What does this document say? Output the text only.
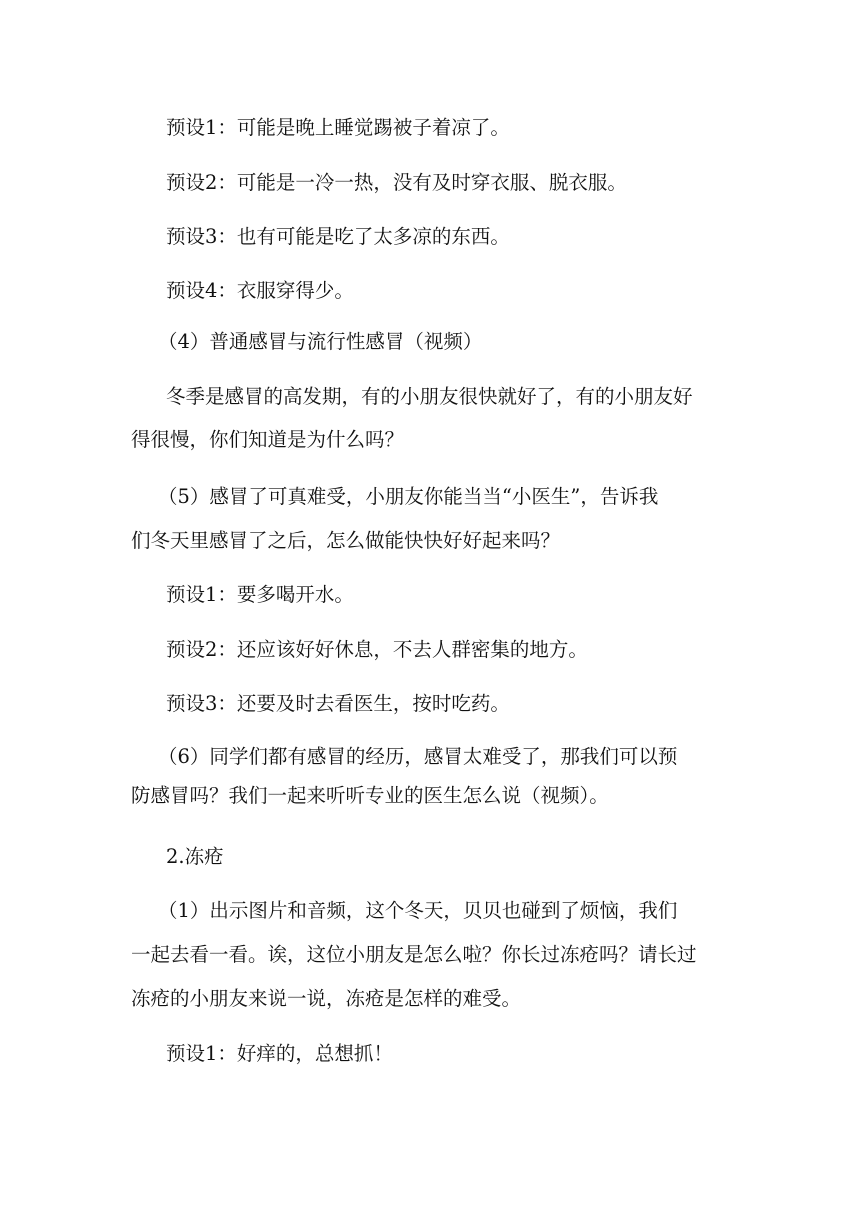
预设1：可能是晚上睡觉踢被子着凉了。
预设2：可能是一冷一热，没有及时穿衣服、脱衣服。
预设3：也有可能是吃了太多凉的东西。
预设4：衣服穿得少。
（4）普通感冒与流行性感冒（视频）
冬季是感冒的高发期，有的小朋友很快就好了，有的小朋友好
得很慢，你们知道是为什么吗？
（5）感冒了可真难受，小朋友你能当当“小医生”，告诉我
们冬天里感冒了之后，怎么做能快快好好起来吗？
预设1：要多喝开水。
预设2：还应该好好休息，不去人群密集的地方。
预设3：还要及时去看医生，按时吃药。
（6）同学们都有感冒的经历，感冒太难受了，那我们可以预
防感冒吗？我们一起来听听专业的医生怎么说（视频）。
2.冻疮
（1）出示图片和音频，这个冬天，贝贝也碰到了烦恼，我们
一起去看一看。诶，这位小朋友是怎么啦？你长过冻疮吗？请长过
冻疮的小朋友来说一说，冻疮是怎样的难受。
预设1：好痒的，总想抓！
